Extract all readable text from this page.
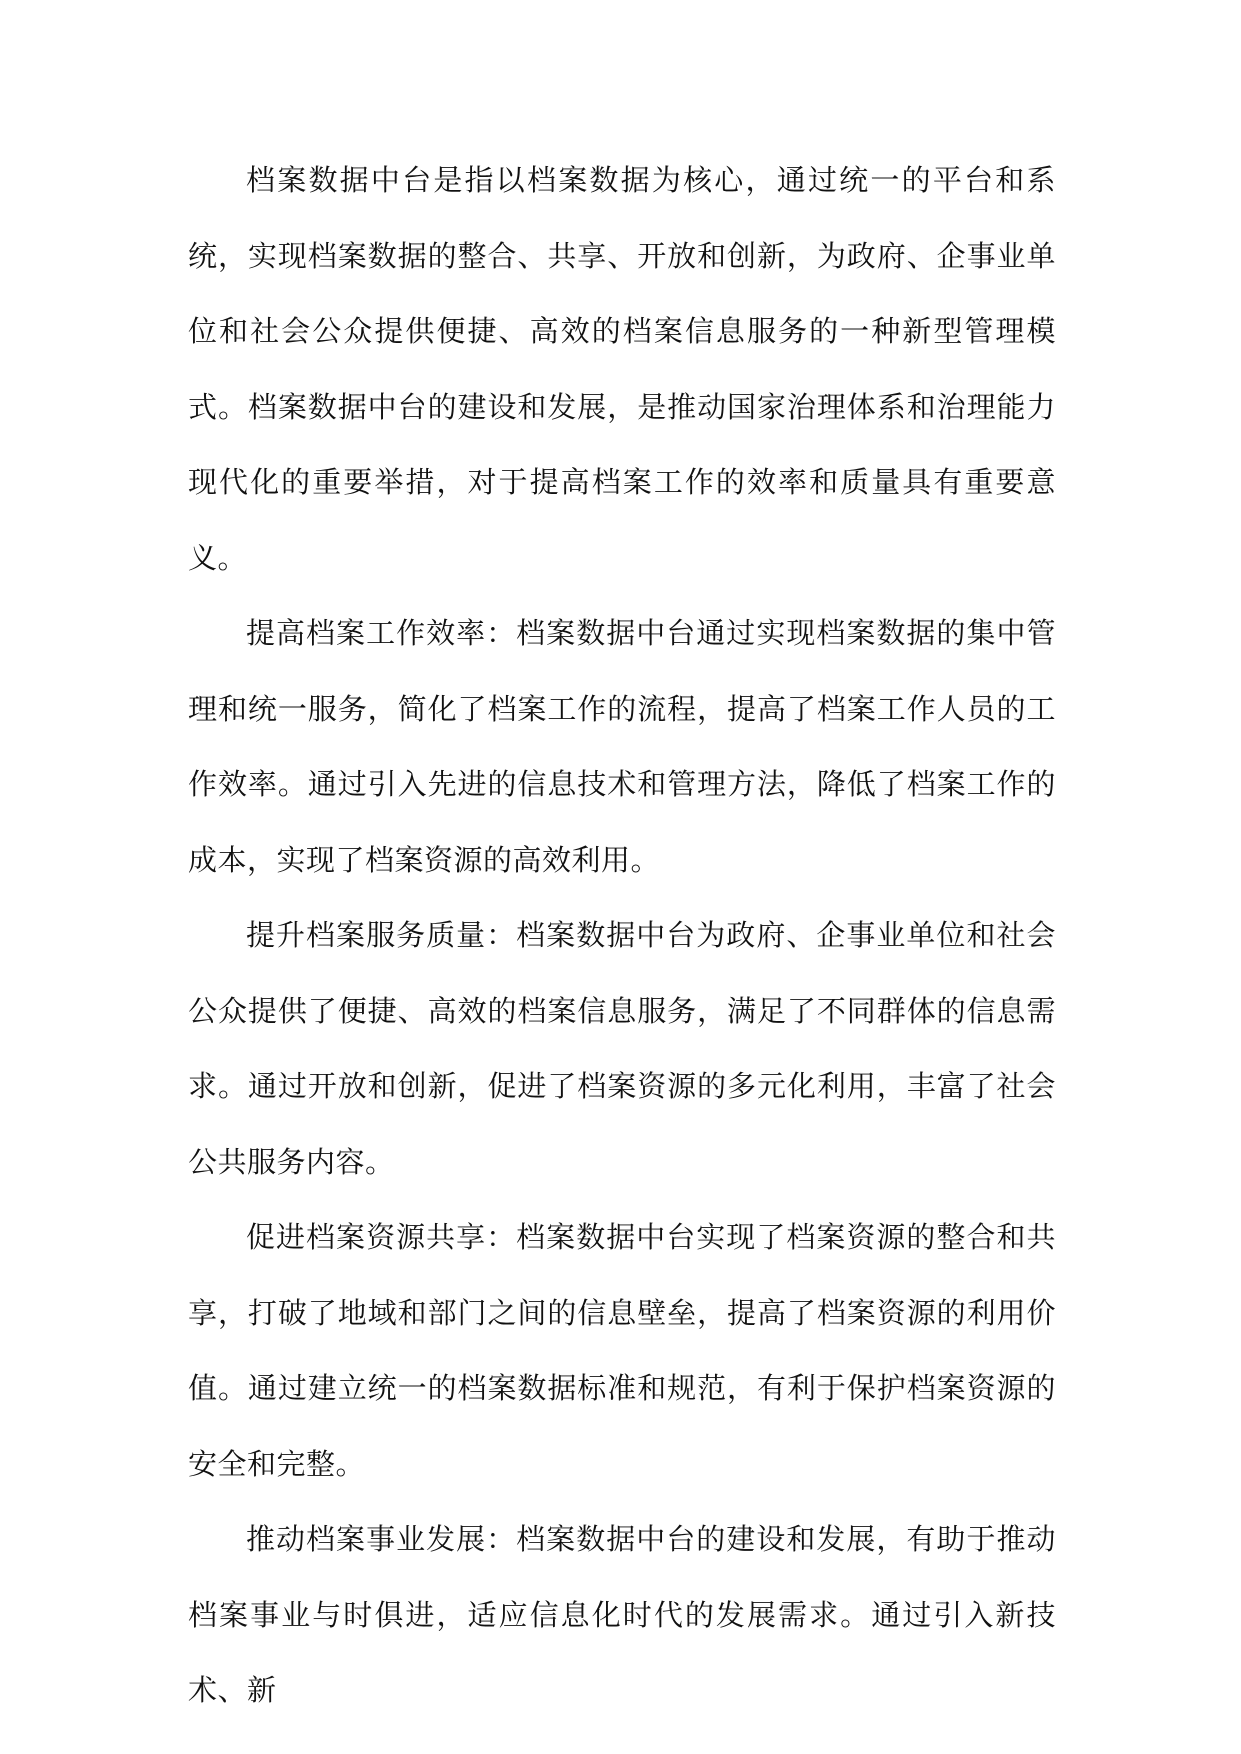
档案数据中台是指以档案数据为核心，通过统一的平台和系统，实现档案数据的整合、共享、开放和创新，为政府、企事业单位和社会公众提供便捷、高效的档案信息服务的一种新型管理模式。档案数据中台的建设和发展，是推动国家治理体系和治理能力现代化的重要举措，对于提高档案工作的效率和质量具有重要意义。

提高档案工作效率：档案数据中台通过实现档案数据的集中管理和统一服务，简化了档案工作的流程，提高了档案工作人员的工作效率。通过引入先进的信息技术和管理方法，降低了档案工作的成本，实现了档案资源的高效利用。

提升档案服务质量：档案数据中台为政府、企事业单位和社会公众提供了便捷、高效的档案信息服务，满足了不同群体的信息需求。通过开放和创新，促进了档案资源的多元化利用，丰富了社会公共服务内容。

促进档案资源共享：档案数据中台实现了档案资源的整合和共享，打破了地域和部门之间的信息壁垒，提高了档案资源的利用价值。通过建立统一的档案数据标准和规范，有利于保护档案资源的安全和完整。

推动档案事业发展：档案数据中台的建设和发展，有助于推动档案事业与时俱进，适应信息化时代的发展需求。通过引入新技术、新
